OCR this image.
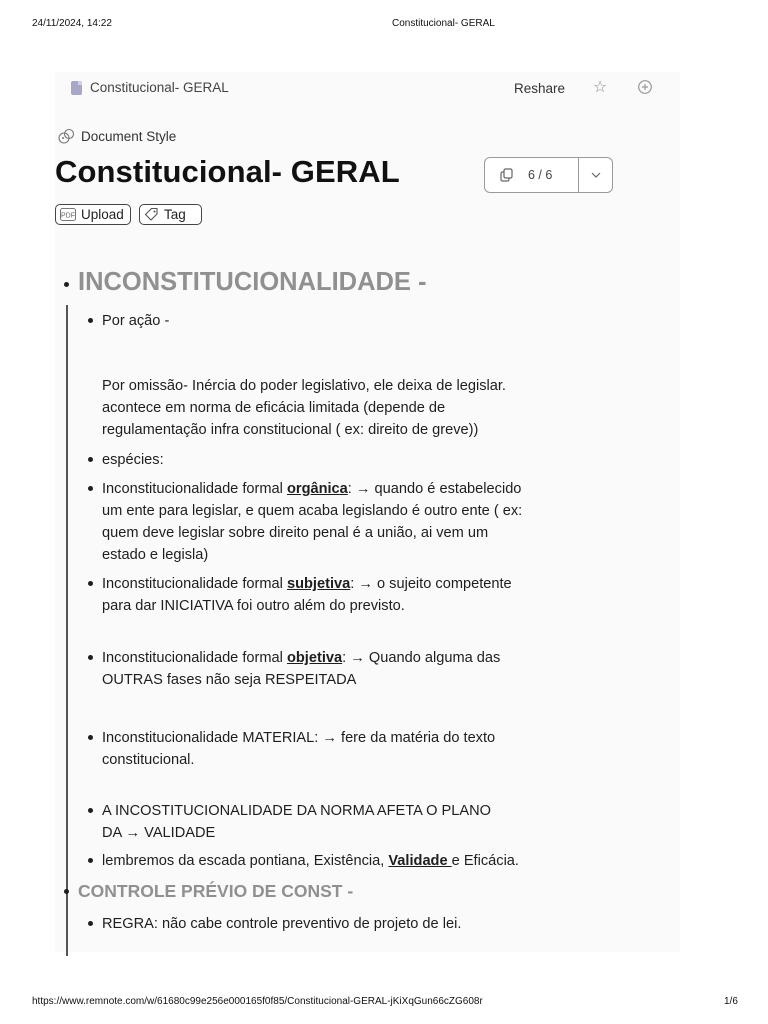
24/11/2024, 14:22	Constitucional- GERAL
Constitucional- GERAL	Reshare ☆
Document Style
Constitucional- GERAL	6 / 6
PDF Upload	Tag
INCONSTITUCIONALIDADE -

Por ação -

Por omissão- Inércia do poder legislativo, ele deixa de legislar.

acontece em norma de eficácia limitada (depende de

regulamentação infra constitucional ( ex: direito de greve))

espécies:

Inconstitucionalidade formal orgânica: → quando é estabelecido

um ente para legislar, e quem acaba legislando é outro ente ( ex:

quem deve legislar sobre direito penal é a união, ai vem um

estado e legisla)

Inconstitucionalidade formal subjetiva: → o sujeito competente

para dar INICIATIVA foi outro além do previsto.

Inconstitucionalidade formal objetiva: → Quando alguma das

OUTRAS fases não seja RESPEITADA

Inconstitucionalidade MATERIAL: → fere da matéria do texto

constitucional.

A INCOSTITUCIONALIDADE DA NORMA AFETA O PLANO

DA → VALIDADE

lembremos da escada pontiana, Existência, Validade e Eficácia.

CONTROLE PRÉVIO DE CONST -

REGRA: não cabe controle preventivo de projeto de lei.

https://www.remnote.com/w/61680c99e256e000165f0f85/Constitucional-GERAL-jKiXqGun66cZG608r	1/6
